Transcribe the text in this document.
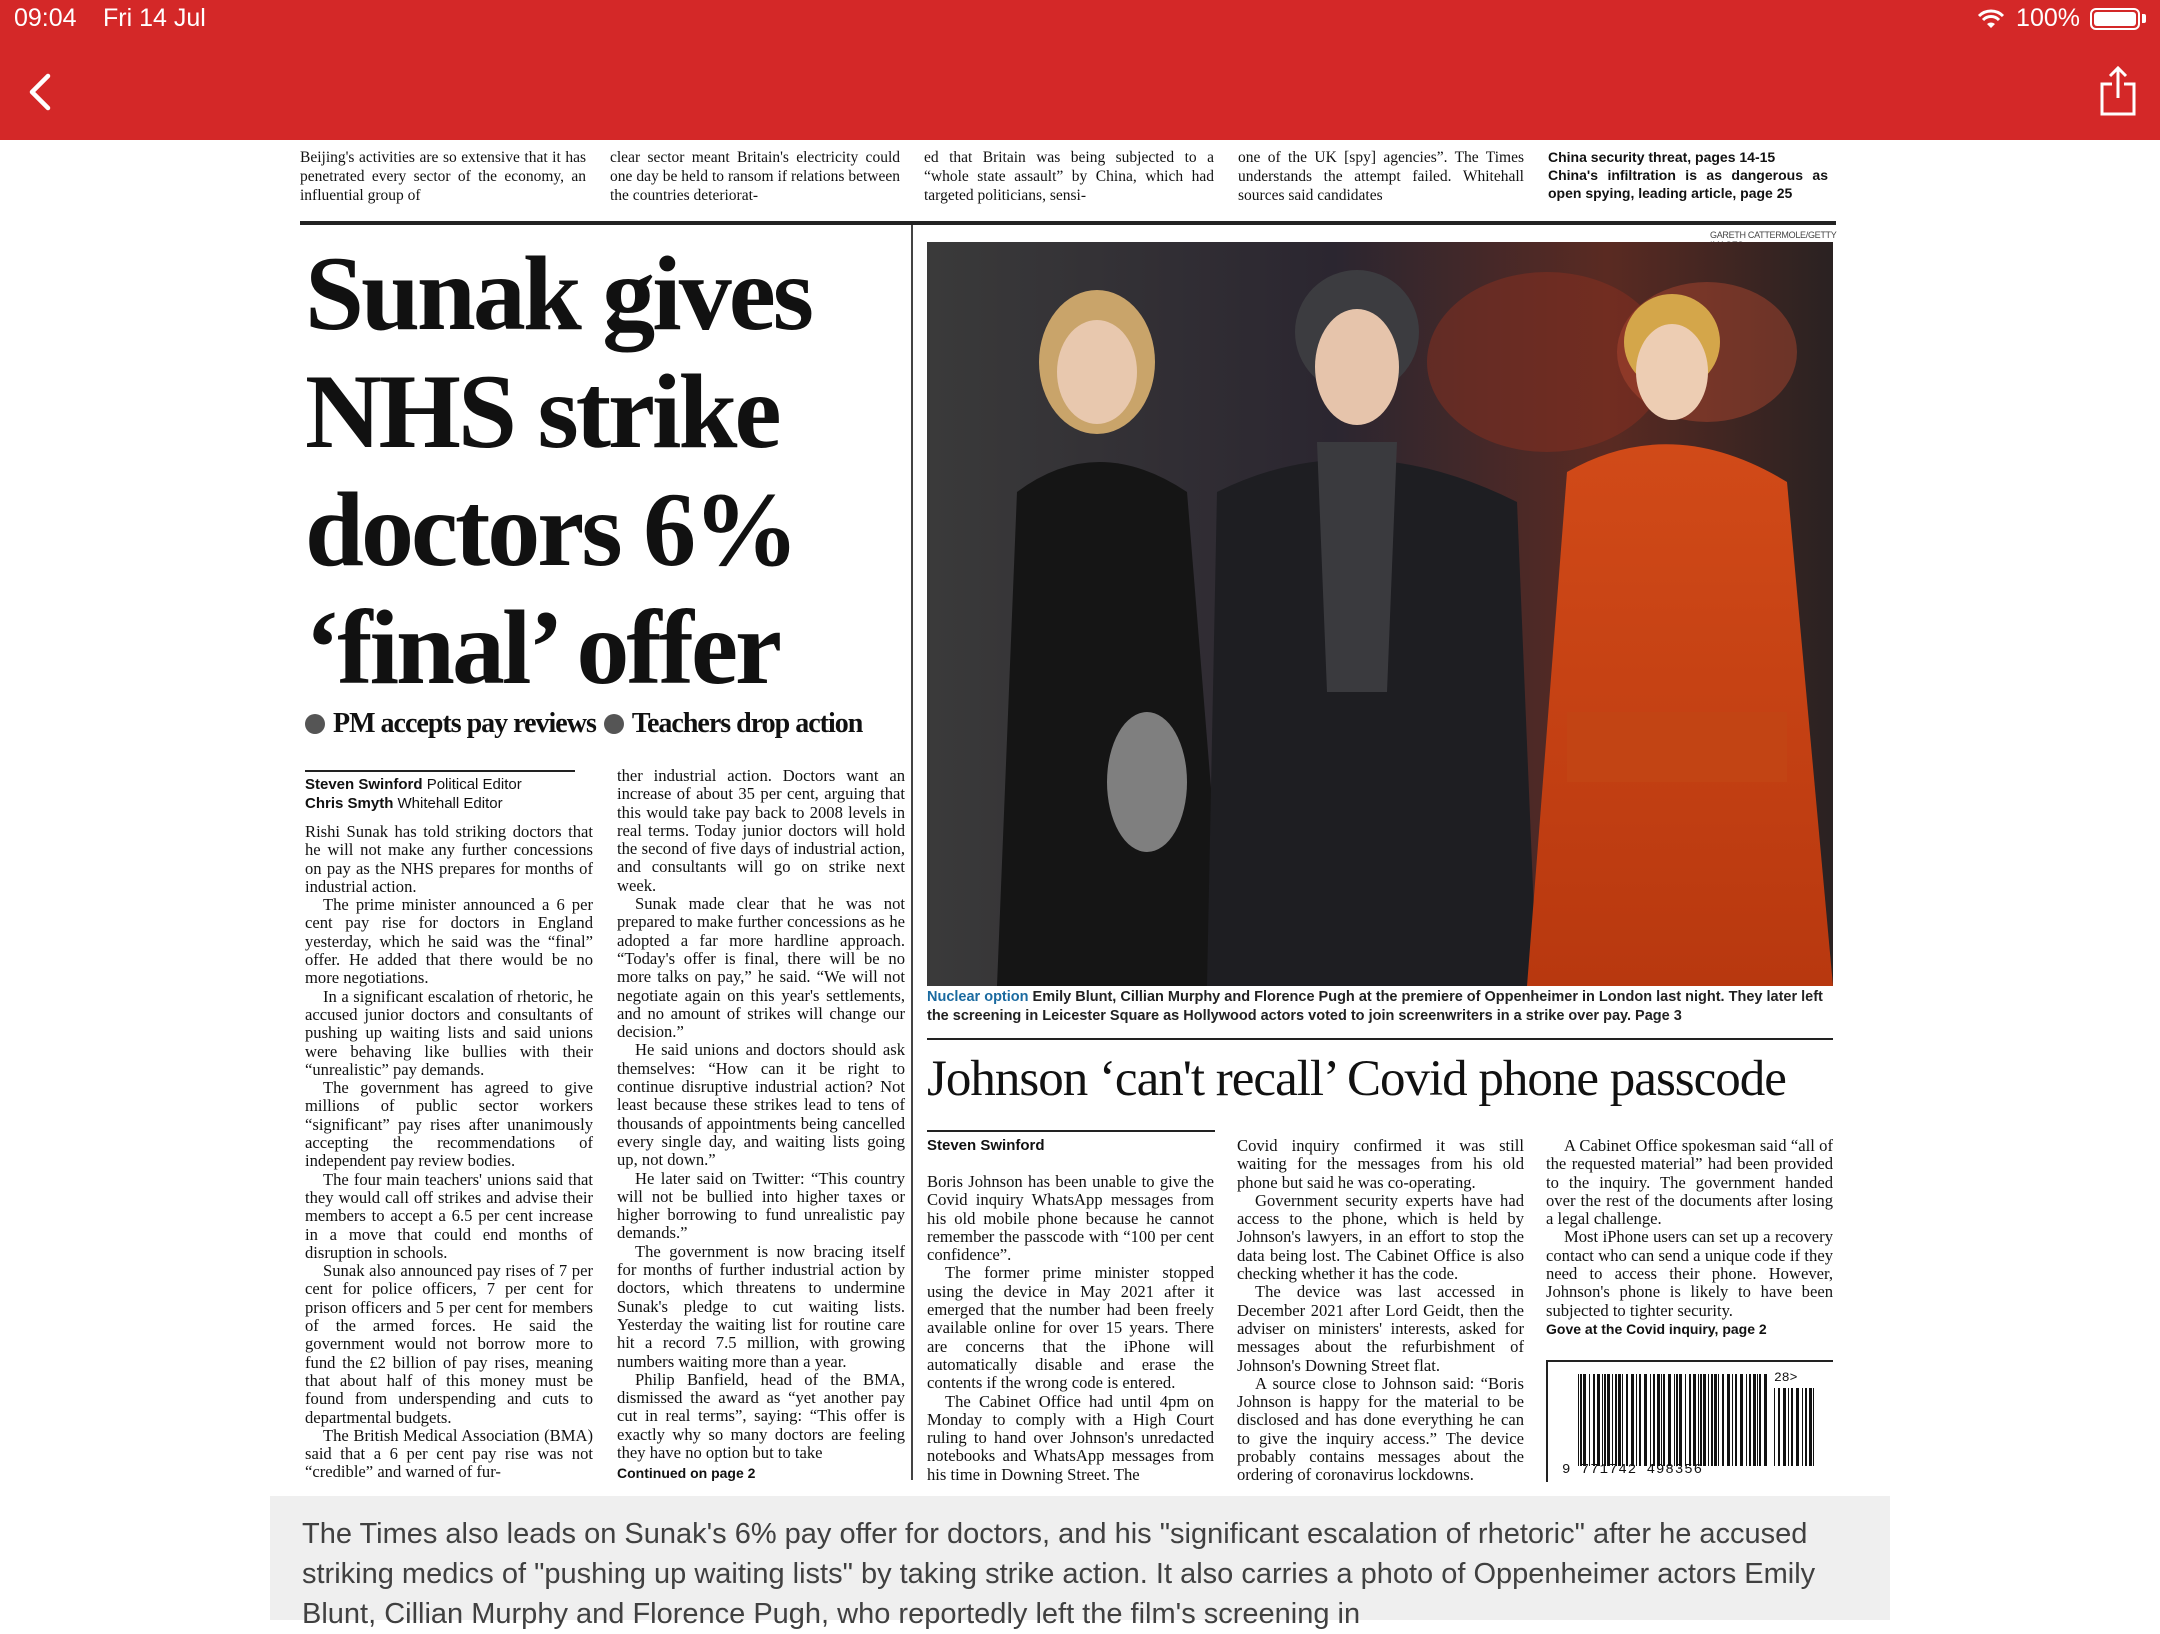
09:04 Fri 14 Jul	100%
Beijing's activities are so extensive that it has penetrated every sector of the economy, an influential group of
clear sector meant Britain's electricity could one day be held to ransom if relations between the countries deteriorat-
ed that Britain was being subjected to a “whole state assault” by China, which had targeted politicians, sensi-
one of the UK [spy] agencies”. The Times understands the attempt failed. Whitehall sources said candidates
China security threat, pages 14-15
China's infiltration is as dangerous as open spying, leading article, page 25
Sunak gives
NHS strike
doctors 6%
‘final’ offer
PM accepts pay reviews Teachers drop action
Steven Swinford Political Editor
Chris Smyth Whitehall Editor

Rishi Sunak has told striking doctors that he will not make any further concessions on pay as the NHS prepares for months of industrial action.

The prime minister announced a 6 per cent pay rise for doctors in England yesterday, which he said was the “final” offer. He added that there would be no more negotiations.

In a significant escalation of rhetoric, he accused junior doctors and consultants of pushing up waiting lists and said unions were behaving like bullies with their “unrealistic” pay demands.

The government has agreed to give millions of public sector workers “significant” pay rises after unanimously accepting the recommendations of independent pay review bodies.

The four main teachers' unions said that they would call off strikes and advise their members to accept a 6.5 per cent increase in a move that could end months of disruption in schools.

Sunak also announced pay rises of 7 per cent for police officers, 7 per cent for prison officers and 5 per cent for members of the armed forces. He said the government would not borrow more to fund the £2 billion of pay rises, meaning that about half of this money must be found from underspending and cuts to departmental budgets.

The British Medical Association (BMA) said that a 6 per cent pay rise was not “credible” and warned of fur-

ther industrial action. Doctors want an increase of about 35 per cent, arguing that this would take pay back to 2008 levels in real terms. Today junior doctors will hold the second of five days of industrial action, and consultants will go on strike next week.

Sunak made clear that he was not prepared to make further concessions as he adopted a far more hardline approach. “Today's offer is final, there will be no more talks on pay,” he said. “We will not negotiate again on this year's settlements, and no amount of strikes will change our decision.”

He said unions and doctors should ask themselves: “How can it be right to continue disruptive industrial action? Not least because these strikes lead to tens of thousands of appointments being cancelled every single day, and waiting lists going up, not down.”

He later said on Twitter: “This country will not be bullied into higher taxes or higher borrowing to fund unrealistic pay demands.”

The government is now bracing itself for months of further industrial action by doctors, which threatens to undermine Sunak's pledge to cut waiting lists. Yesterday the waiting list for routine care hit a record 7.5 million, with growing numbers waiting more than a year.

Philip Banfield, head of the BMA, dismissed the award as “yet another pay cut in real terms”, saying: “This offer is exactly why so many doctors are feeling they have no option but to take

Continued on page 2
GARETH CATTERMOLE/GETTY
Nuclear option Emily Blunt, Cillian Murphy and Florence Pugh at the premiere of Oppenheimer in London last night. They later left the screening in Leicester Square as Hollywood actors voted to join screenwriters in a strike over pay. Page 3
Johnson ‘can't recall’ Covid phone passcode
Steven Swinford

Boris Johnson has been unable to give the Covid inquiry WhatsApp messages from his old mobile phone because he cannot remember the passcode with “100 per cent confidence”.

The former prime minister stopped using the device in May 2021 after it emerged that the number had been freely available online for over 15 years. There are concerns that the iPhone will automatically disable and erase the contents if the wrong code is entered.

The Cabinet Office had until 4pm on Monday to comply with a High Court ruling to hand over Johnson's unredacted notebooks and WhatsApp messages from his time in Downing Street. The

Covid inquiry confirmed it was still waiting for the messages from his old phone but said he was co-operating.

Government security experts have had access to the phone, which is held by Johnson's lawyers, in an effort to stop the data being lost. The Cabinet Office is also checking whether it has the code.

The device was last accessed in December 2021 after Lord Geidt, then the adviser on ministers' interests, asked for messages about the refurbishment of Johnson's Downing Street flat.

A source close to Johnson said: “Boris Johnson is happy for the material to be disclosed and has done everything he can to give the inquiry access.” The device probably contains messages about the ordering of coronavirus lockdowns.

A Cabinet Office spokesman said “all of the requested material” had been provided to the inquiry. The government handed over the rest of the documents after losing a legal challenge.

Most iPhone users can set up a recovery contact who can send a unique code if they need to access their phone. However, Johnson's phone is likely to have been subjected to tighter security.

Gove at the Covid inquiry, page 2
9 771742 498356
28>
The Times also leads on Sunak's 6% pay offer for doctors, and his "significant escalation of rhetoric" after he accused striking medics of "pushing up waiting lists" by taking strike action. It also carries a photo of Oppenheimer actors Emily Blunt, Cillian Murphy and Florence Pugh, who reportedly left the film's screening in
